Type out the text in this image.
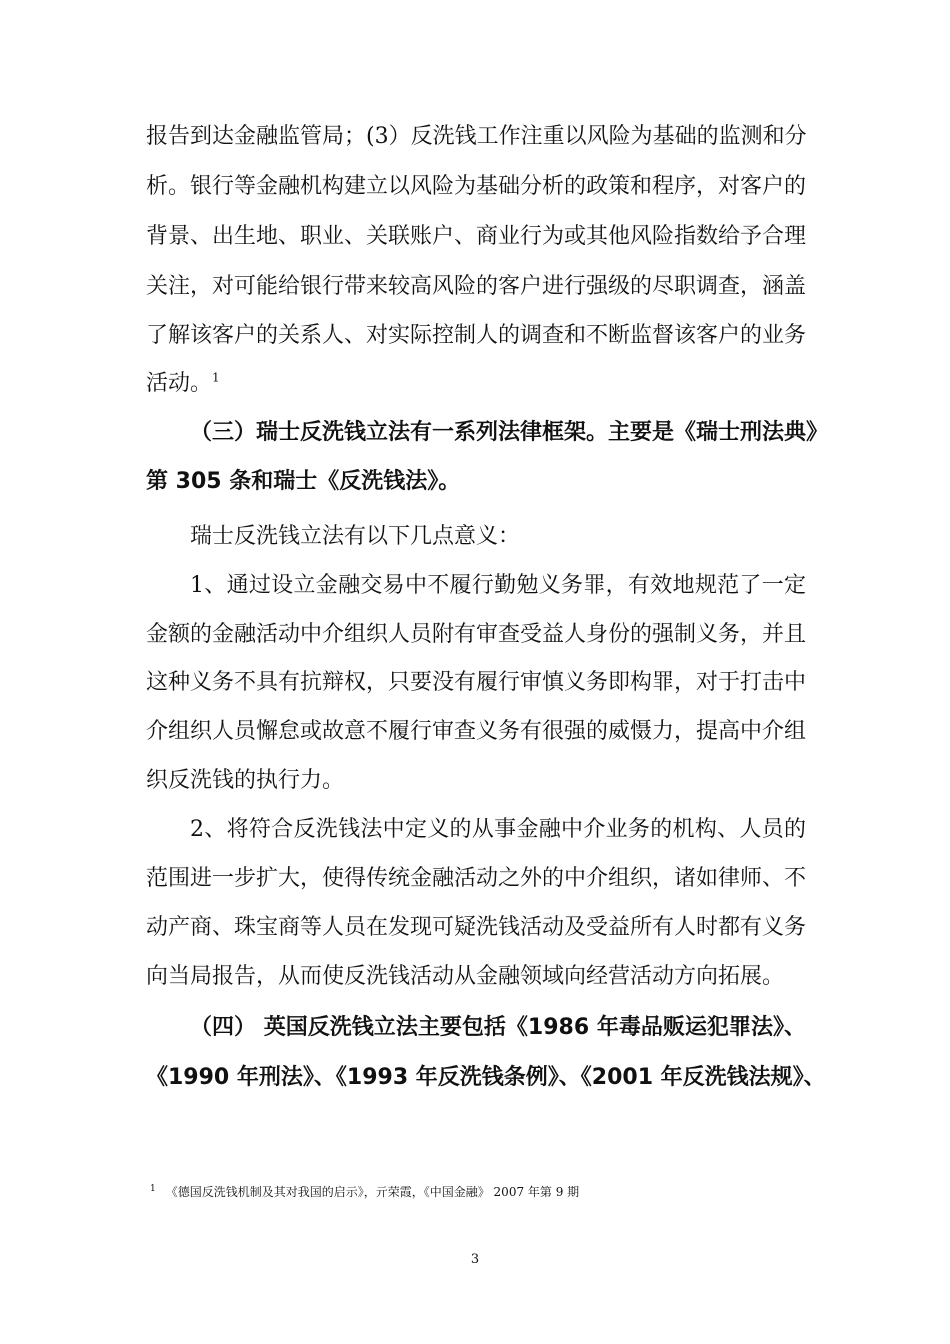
报告到达金融监管局；(3）反洗钱工作注重以风险为基础的监测和分
析。银行等金融机构建立以风险为基础分析的政策和程序，对客户的
背景、出生地、职业、关联账户、商业行为或其他风险指数给予合理
关注，对可能给银行带来较高风险的客户进行强级的尽职调查，涵盖
了解该客户的关系人、对实际控制人的调查和不断监督该客户的业务
活动。$^1$
（三）瑞士反洗钱立法有一系列法律框架。主要是《瑞士刑法典》
第 305 条和瑞士《反洗钱法》。
瑞士反洗钱立法有以下几点意义：
1、通过设立金融交易中不履行勤勉义务罪，有效地规范了一定
金额的金融活动中介组织人员附有审查受益人身份的强制义务，并且
这种义务不具有抗辩权，只要没有履行审慎义务即构罪，对于打击中
介组织人员懈怠或故意不履行审查义务有很强的威慑力，提高中介组
织反洗钱的执行力。
2、将符合反洗钱法中定义的从事金融中介业务的机构、人员的
范围进一步扩大，使得传统金融活动之外的中介组织，诸如律师、不
动产商、珠宝商等人员在发现可疑洗钱活动及受益所有人时都有义务
向当局报告，从而使反洗钱活动从金融领域向经营活动方向拓展。
（四） 英国反洗钱立法主要包括《1986 年毒品贩运犯罪法》、
《1990 年刑法》、《1993 年反洗钱条例》、《2001 年反洗钱法规》、
$^1$ 《德国反洗钱机制及其对我国的启示》，亓荣霞，《中国金融》 2007 年第 9 期
3
